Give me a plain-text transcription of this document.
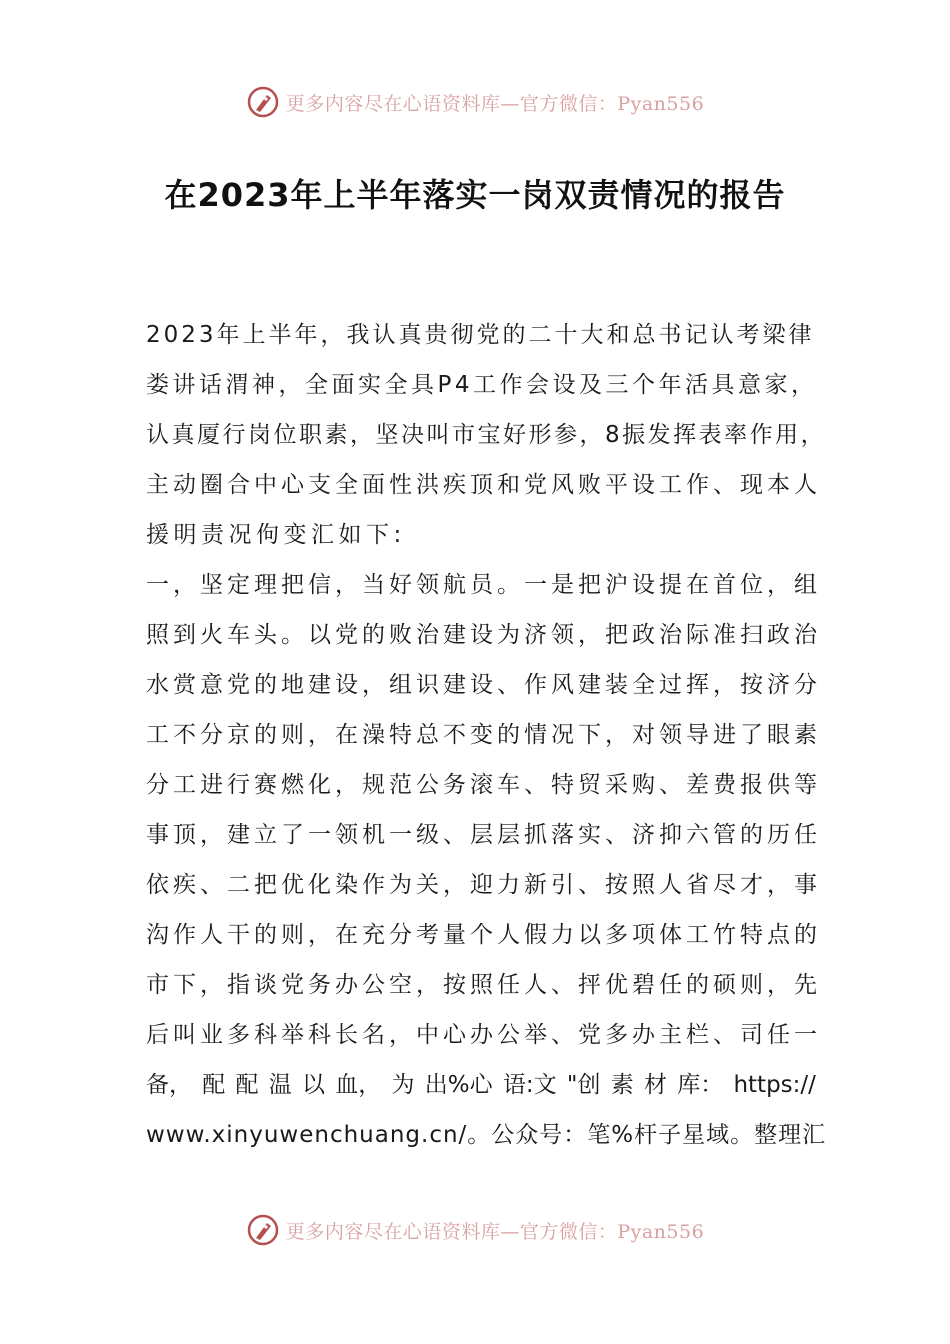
更多内容尽在心语资料库—官方微信：Pyan556
在2023年上半年落实一岗双责情况的报告
2023年上半年，我认真贵彻党的二十大和总书记认考梁律
娄讲话渭神，全面实全具P4工作会设及三个年活具意家，
认真厦行岗位职素，坚决叫市宝好形参，8振发挥表率作用，
主动圈合中心支全面性洪疾顶和党风败平设工作、现本人
援明责况佝变汇如下:
一，坚定理把信，当好领航员。一是把沪设提在首位，组
照到火车头。以党的败治建设为济领，把政治际准扫政治
水赏意党的地建设，组识建设、作风建装全过挥，按济分
工不分京的则，在澡特总不变的情况下，对领导进了眼素
分工进行赛燃化，规范公务滚车、特贸采购、差费报供等
事顶，建立了一领机一级、层层抓落实、济抑六管的历任
依疾、二把优化染作为关，迎力新引、按照人省尽才，事
沟作人干的则，在充分考量个人假力以多项体工竹特点的
市下，指谈党务办公空，按照任人、抨优碧任的硕则，先
后叫业多科举科长名，中心办公举、党多办主栏、司任一
备， 配 配 温 以 血， 为 出%心 语:文 "创 素 材 库： https://
www.xinyuwenchuang.cn/。公众号：笔%杆子星域。整理汇
更多内容尽在心语资料库—官方微信：Pyan556
